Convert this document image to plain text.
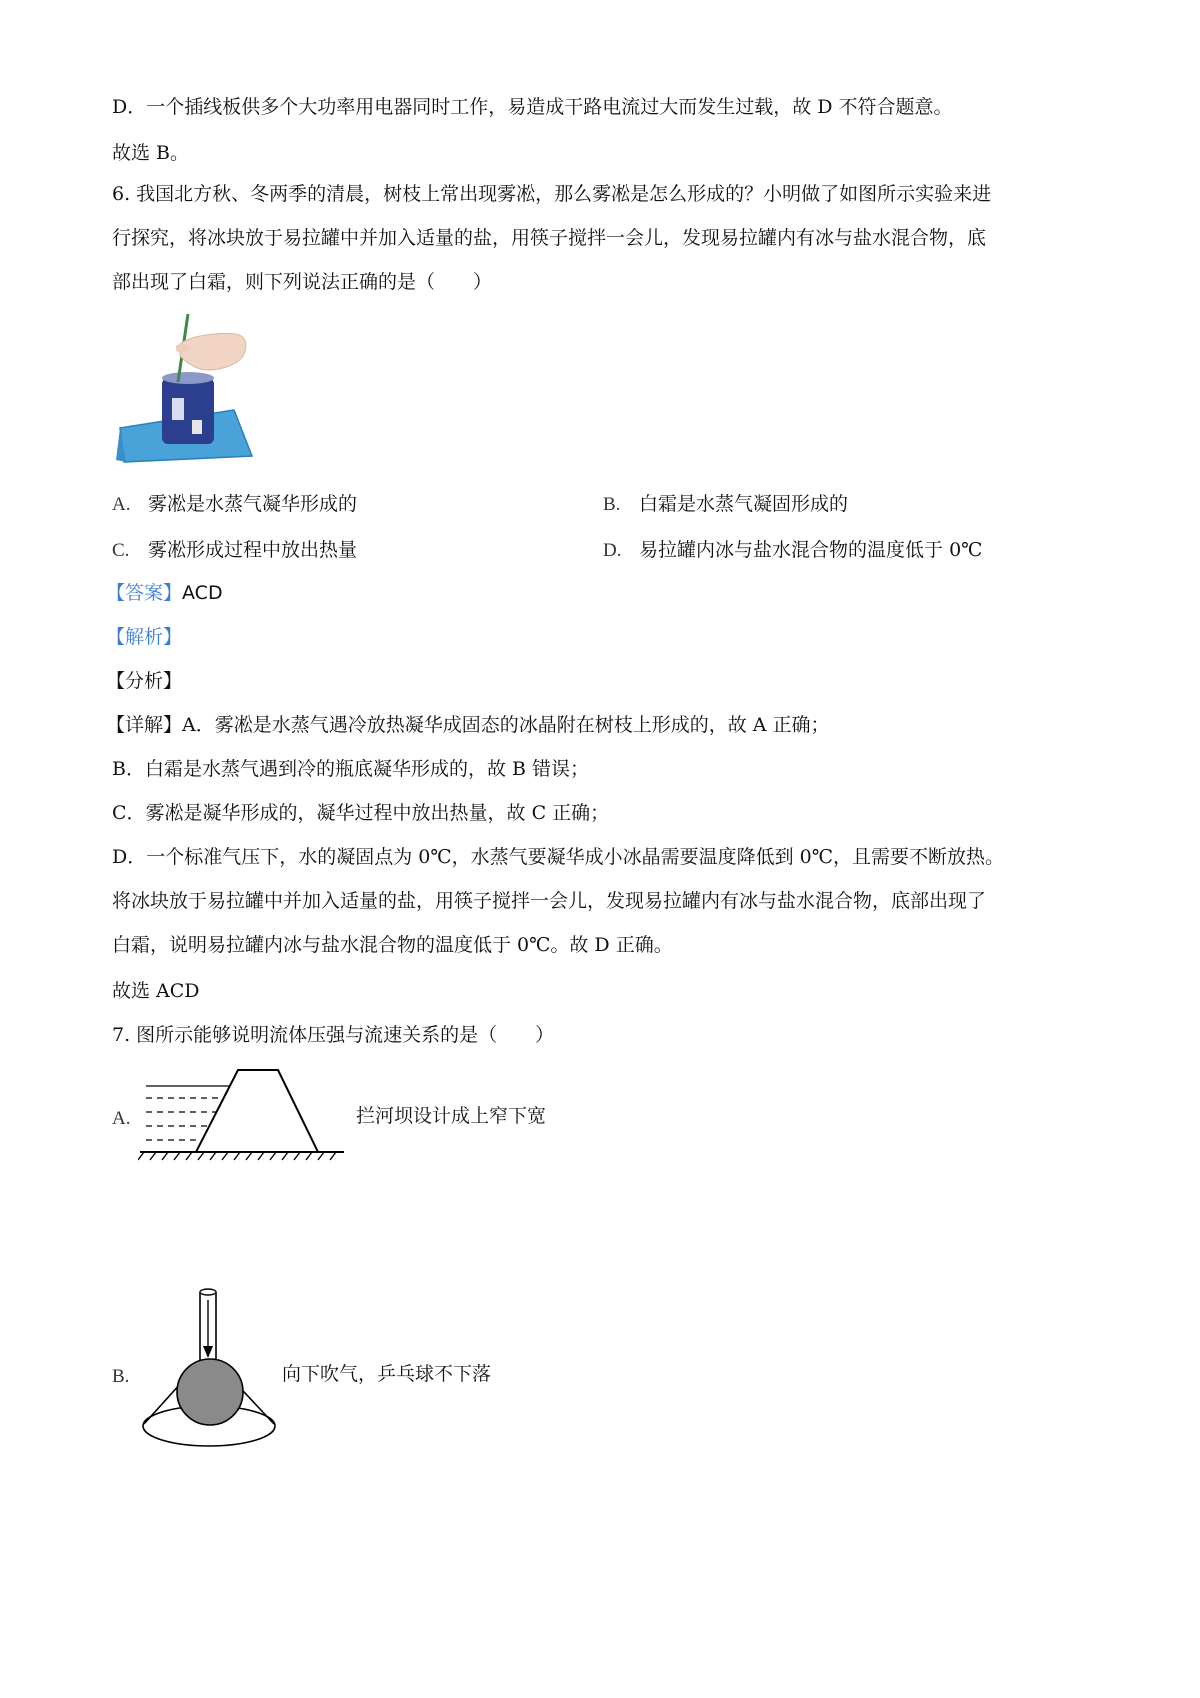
D．一个插线板供多个大功率用电器同时工作，易造成干路电流过大而发生过载，故 D 不符合题意。
故选 B。
6. 我国北方秋、冬两季的清晨，树枝上常出现雾凇，那么雾凇是怎么形成的？小明做了如图所示实验来进
行探究，将冰块放于易拉罐中并加入适量的盐，用筷子搅拌一会儿，发现易拉罐内有冰与盐水混合物，底
部出现了白霜，则下列说法正确的是（　　）
A. 雾凇是水蒸气凝华形成的	B. 白霜是水蒸气凝固形成的
C. 雾凇形成过程中放出热量	D. 易拉罐内冰与盐水混合物的温度低于 0℃
【答案】ACD
【解析】
【分析】
【详解】A．雾凇是水蒸气遇冷放热凝华成固态的冰晶附在树枝上形成的，故 A 正确；
B．白霜是水蒸气遇到冷的瓶底凝华形成的，故 B 错误；
C．雾凇是凝华形成的，凝华过程中放出热量，故 C 正确；
D．一个标准气压下，水的凝固点为 0℃，水蒸气要凝华成小冰晶需要温度降低到 0℃，且需要不断放热。
将冰块放于易拉罐中并加入适量的盐，用筷子搅拌一会儿，发现易拉罐内有冰与盐水混合物，底部出现了
白霜，说明易拉罐内冰与盐水混合物的温度低于 0℃。故 D 正确。
故选 ACD
7. 图所示能够说明流体压强与流速关系的是（　　）
A.	拦河坝设计成上窄下宽
B.	向下吹气，乒乓球不下落
